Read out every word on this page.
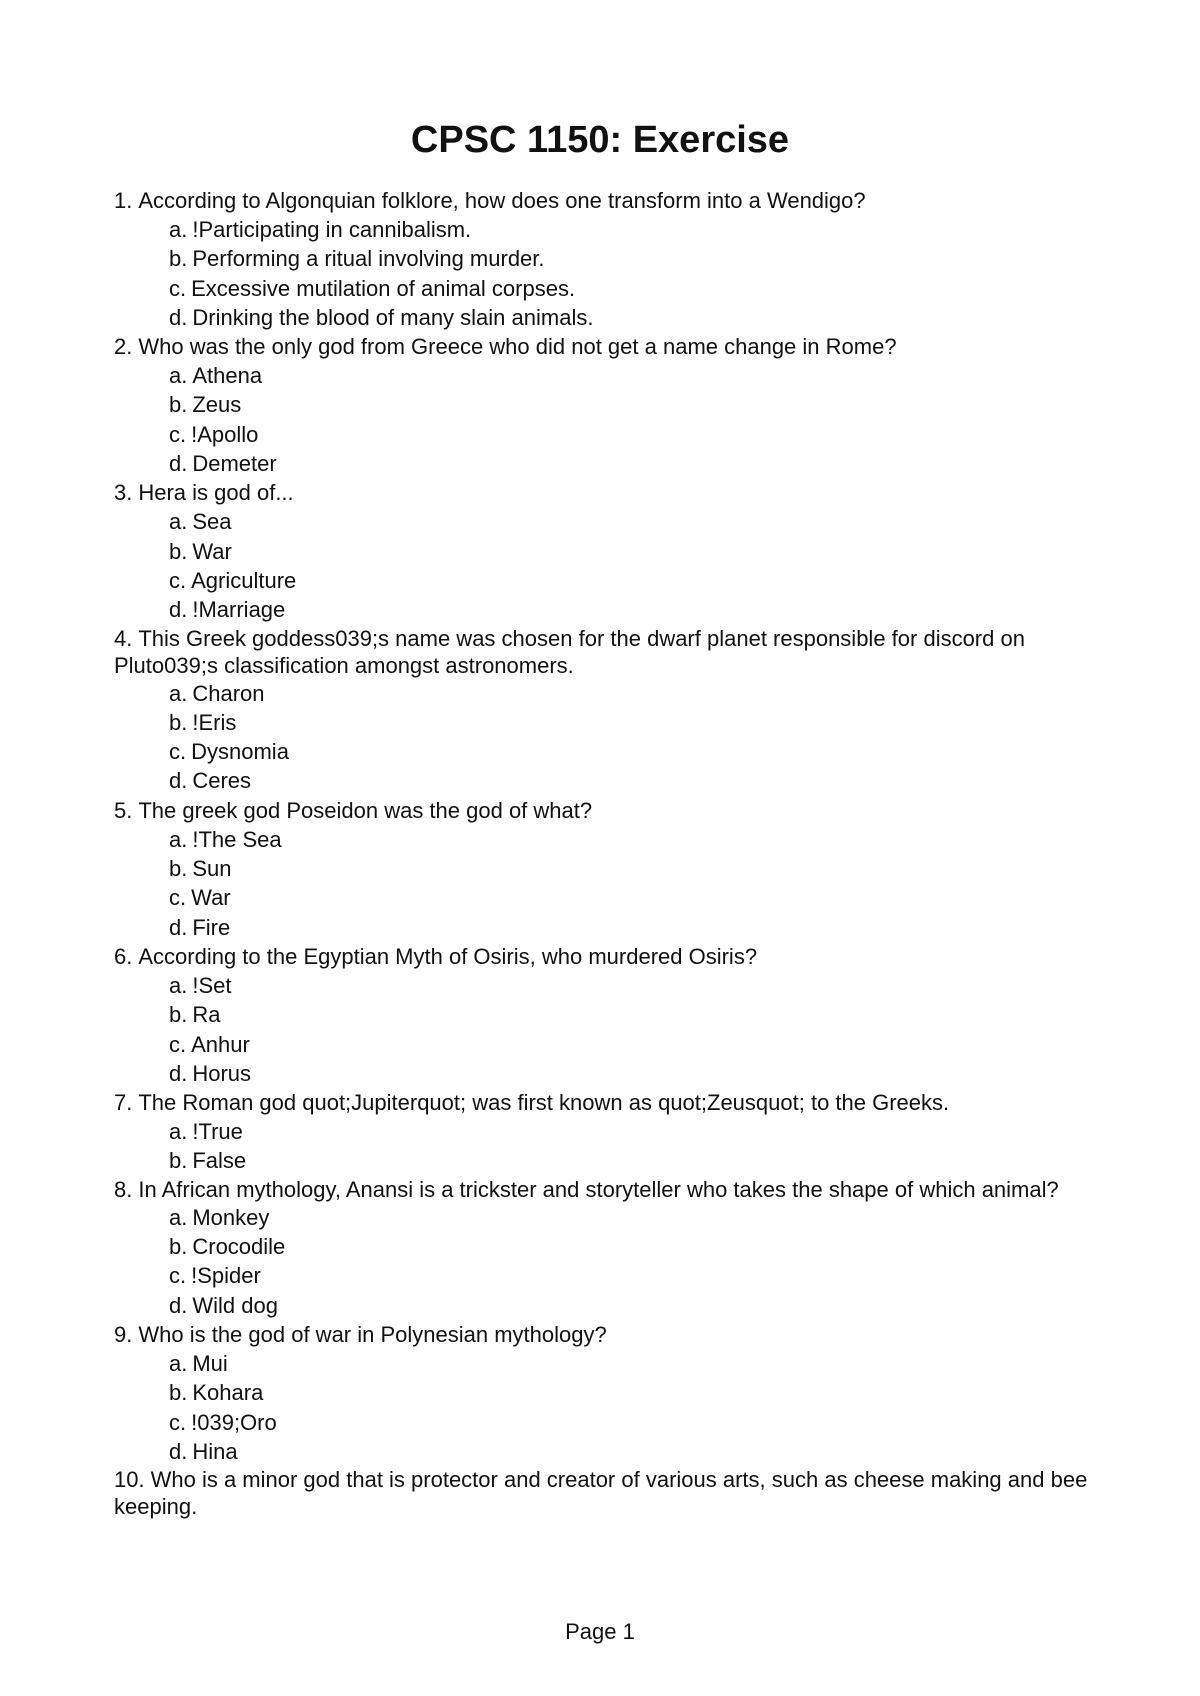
CPSC 1150: Exercise

1. According to Algonquian folklore, how does one transform into a Wendigo?

a. !Participating in cannibalism.
b. Performing a ritual involving murder.
c. Excessive mutilation of animal corpses.
d. Drinking the blood of many slain animals.

2. Who was the only god from Greece who did not get a name change in Rome?

a. Athena
b. Zeus
c. !Apollo
d. Demeter

3. Hera is god of...

a. Sea
b. War
c. Agriculture
d. !Marriage

4. This Greek goddess039;s name was chosen for the dwarf planet responsible for discord on Pluto039;s classification amongst astronomers.

a. Charon
b. !Eris
c. Dysnomia
d. Ceres

5. The greek god Poseidon was the god of what?

a. !The Sea
b. Sun
c. War
d. Fire

6. According to the Egyptian Myth of Osiris, who murdered Osiris?

a. !Set
b. Ra
c. Anhur
d. Horus

7. The Roman god quot;Jupiterquot; was first known as quot;Zeusquot; to the Greeks.

a. !True
b. False

8. In African mythology, Anansi is a trickster and storyteller who takes the shape of which animal?

a. Monkey
b. Crocodile
c. !Spider
d. Wild dog

9. Who is the god of war in Polynesian mythology?

a. Mui
b. Kohara
c. !039;Oro
d. Hina

10. Who is a minor god that is protector and creator of various arts, such as cheese making and bee keeping.

Page 1
